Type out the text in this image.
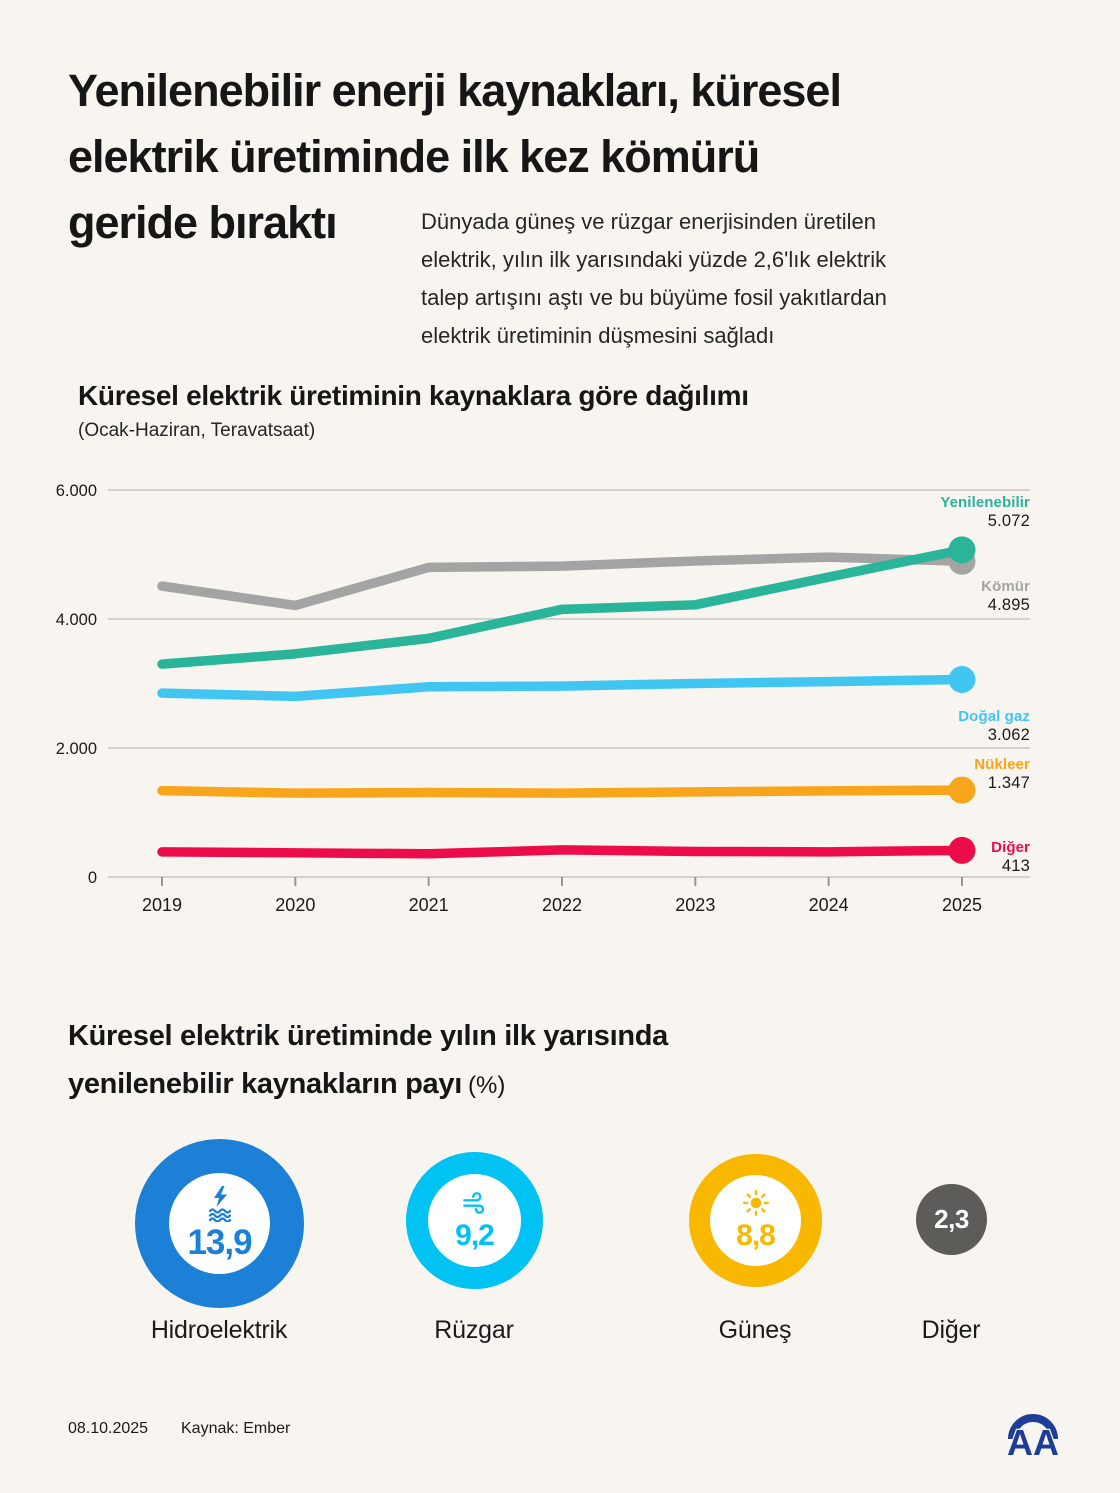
0
2.000
4.000
6.000
2019	2020	2021	2022	2023	2024	2025
Yenilenebilir enerji kaynakları, küresel
elektrik üretiminde ilk kez kömürü
geride bıraktı	Dünyada güneş ve rüzgar enerjisinden üretilen
elektrik, yılın ilk yarısındaki yüzde 2,6'lık elektrik
talep artışını aştı ve bu büyüme fosil yakıtlardan
elektrik üretiminin düşmesini sağladı
Küresel elektrik üretiminin kaynaklara göre dağılımı
(Ocak-Haziran, Teravatsaat)
Yenilenebilir
5.072
Kömür
4.895
Doğal gaz
3.062
Nükleer
1.347
Diğer
413
Küresel elektrik üretiminde yılın ilk yarısında
yenilenebilir kaynakların payı (%)
13,9
Hidroelektrik
9,2
Rüzgar
8,8
Güneş
2,3
Diğer
08.10.2025 Kaynak: Ember	AA
